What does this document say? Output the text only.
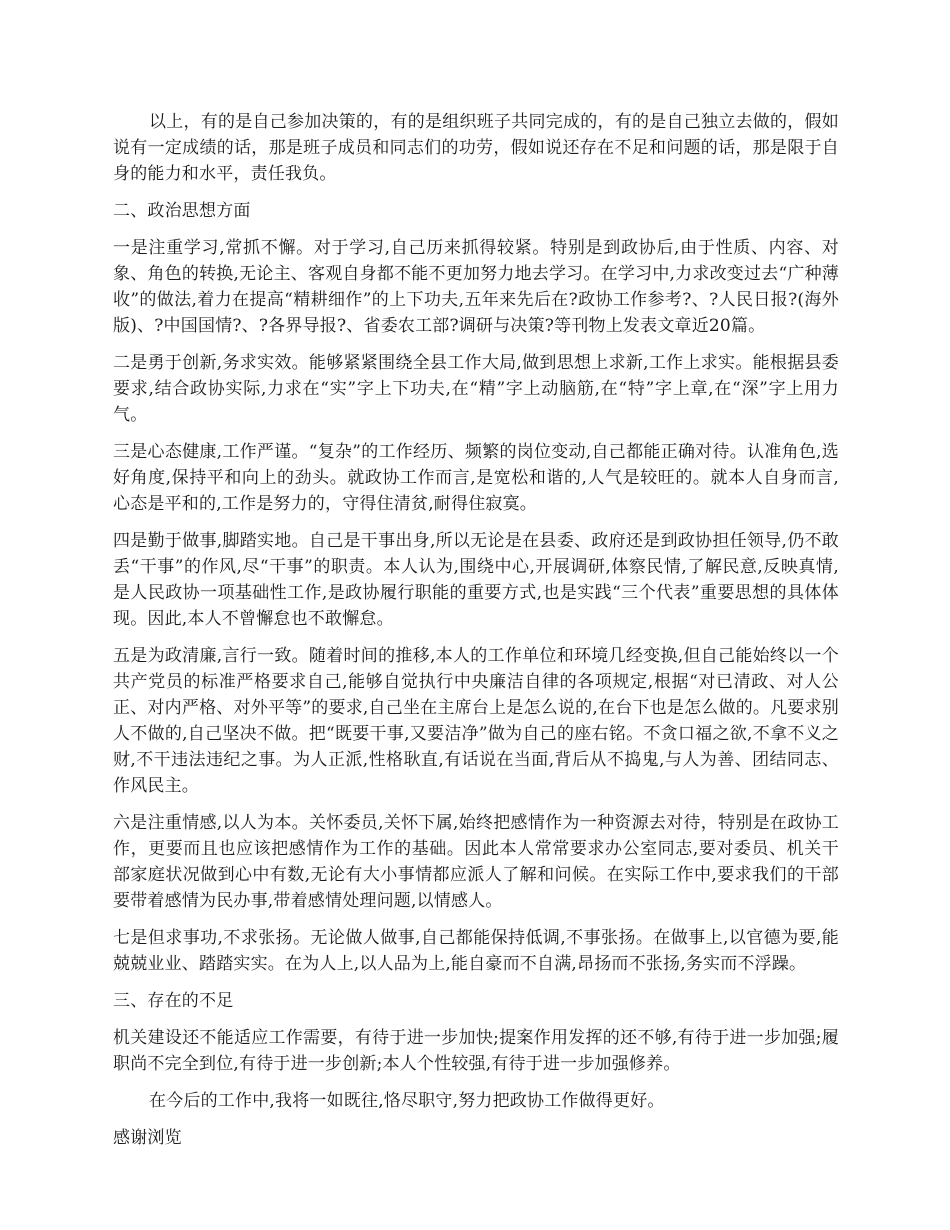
以上，有的是自己参加决策的，有的是组织班子共同完成的，有的是自己独立去做的，假如说有一定成绩的话，那是班子成员和同志们的功劳，假如说还存在不足和问题的话，那是限于自身的能力和水平，责任我负。

二、政治思想方面

一是注重学习,常抓不懈。对于学习,自己历来抓得较紧。特别是到政协后,由于性质、内容、对象、角色的转换,无论主、客观自身都不能不更加努力地去学习。在学习中,力求改变过去“广种薄收”的做法,着力在提高“精耕细作”的上下功夫,五年来先后在?政协工作参考?、?人民日报?(海外版)、?中国国情?、?各界导报?、省委农工部?调研与决策?等刊物上发表文章近20篇。

二是勇于创新,务求实效。能够紧紧围绕全县工作大局,做到思想上求新,工作上求实。能根据县委要求,结合政协实际,力求在“实”字上下功夫,在“精”字上动脑筋,在“特”字上章,在“深”字上用力气。

三是心态健康,工作严谨。“复杂”的工作经历、频繁的岗位变动,自己都能正确对待。认准角色,选好角度,保持平和向上的劲头。就政协工作而言,是宽松和谐的,人气是较旺的。就本人自身而言,心态是平和的,工作是努力的，守得住清贫,耐得住寂寞。

四是勤于做事,脚踏实地。自己是干事出身,所以无论是在县委、政府还是到政协担任领导,仍不敢丢“干事”的作风,尽“干事”的职责。本人认为,围绕中心,开展调研,体察民情,了解民意,反映真情,是人民政协一项基础性工作,是政协履行职能的重要方式,也是实践“三个代表”重要思想的具体体现。因此,本人不曾懈怠也不敢懈怠。

五是为政清廉,言行一致。随着时间的推移,本人的工作单位和环境几经变换,但自己能始终以一个共产党员的标准严格要求自己,能够自觉执行中央廉洁自律的各项规定,根据“对已清政、对人公正、对内严格、对外平等”的要求,自己坐在主席台上是怎么说的,在台下也是怎么做的。凡要求别人不做的,自己坚决不做。把“既要干事,又要洁净”做为自己的座右铭。不贪口福之欲,不拿不义之财,不干违法违纪之事。为人正派,性格耿直,有话说在当面,背后从不捣鬼,与人为善、团结同志、作风民主。

六是注重情感,以人为本。关怀委员,关怀下属,始终把感情作为一种资源去对待，特别是在政协工作，更要而且也应该把感情作为工作的基础。因此本人常常要求办公室同志,要对委员、机关干部家庭状况做到心中有数,无论有大小事情都应派人了解和问候。在实际工作中,要求我们的干部要带着感情为民办事,带着感情处理问题,以情感人。

七是但求事功,不求张扬。无论做人做事,自己都能保持低调,不事张扬。在做事上,以官德为要,能兢兢业业、踏踏实实。在为人上,以人品为上,能自豪而不自满,昂扬而不张扬,务实而不浮躁。

三、存在的不足

机关建设还不能适应工作需要，有待于进一步加快;提案作用发挥的还不够,有待于进一步加强;履职尚不完全到位,有待于进一步创新;本人个性较强,有待于进一步加强修养。

在今后的工作中,我将一如既往,恪尽职守,努力把政协工作做得更好。

感谢浏览
